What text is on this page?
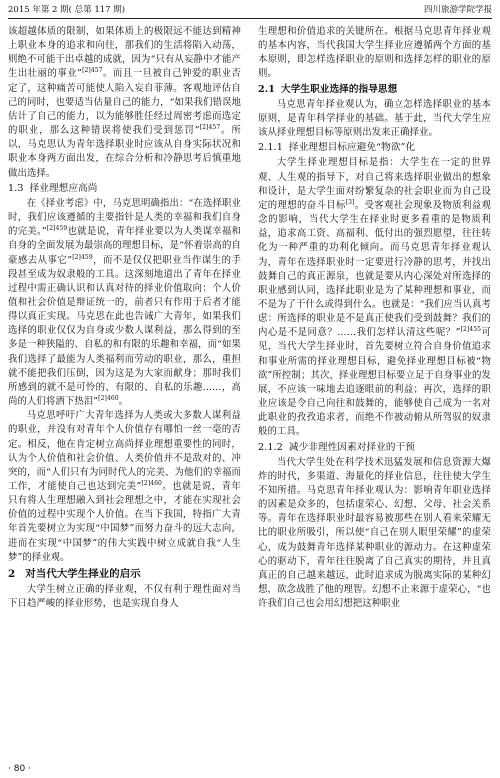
2015 年第 2 期( 总第 117 期)	四川旅游学院学报

该超越体质的限制，如果体质上的极限远不能达到精神上职业本身的追求和向往，那我们的生活将陷入动荡，则绝不可能干出卓越的成就，因为“只有从妄静中才能产生出壮丽的事业”$^{[2]457}$。而且一旦被自己钟爱的职业否定了，这种痛苦可能使人陷入妄自菲薄。客观地评估自己的同时，也要适当估量自己的能力，“如果我们错误地估计了自己的能力，以为能够胜任经过周密考虑而选定的职业，那么这种错误将使我们受到惩罚”$^{[2]457}$。所以，马克思认为青年选择职业时应该从自身实际状况和职业本身两方面出发，在综合分析和冷静思考后慎重地做出选择。

1.3 择业理想应高尚

在《择业考虑》中，马克思明确指出：“在选择职业时，我们应该遵循的主要指针是人类的幸福和我们自身的完美。”$^{[2]459}$也就是说，青年择业要以为人类谋幸福和自身的全面发展为最崇高的理想目标，是“怀着崇高的自豪感去从事它”$^{[2]459}$，而不是仅仅把职业当作谋生的手段甚至成为奴隶般的工具。这深刻地道出了青年在择业过程中需正确认识和认真对待的择业价值取向：个人价值和社会价值是辩证统一的，前者只有作用于后者才能得以真正实现。马克思在此也告诫广大青年，如果我们选择的职业仅仅为自身或少数人谋利益，那么得到的至多是一种狭隘的、自私的和有限的乐趣和幸福，而“如果我们选择了最能为人类福利而劳动的职业，那么，重担就不能把我们压倒，因为这是为大家而献身；那时我们所感到的就不是可怜的、有限的、自私的乐趣……，高尚的人们将洒下热泪”$^{[2]460}$。

马克思呼吁广大青年选择为人类或大多数人谋利益的职业，并没有对青年个人价值存有哪怕一丝一毫的否定。相反，他在肯定树立高尚择业理想重要性的同时，认为个人价值和社会价值、人类价值并不是敌对的、冲突的，而“人们只有为同时代人的完美、为他们的幸福而工作，才能使自己也达到完美”$^{[2]460}$。也就是说，青年只有将人生理想融入到社会理想之中，才能在实现社会价值的过程中实现个人价值。在当下我国，特指广大青年首先要树立为实现“中国梦”而努力奋斗的远大志向，进而在实现“中国梦”的伟大实践中树立成就自我“人生梦”的择业观。

2 对当代大学生择业的启示

大学生树立正确的择业观，不仅有利于理性面对当下日趋严峻的择业形势，也是实现自身人

生理想和价值追求的关键所在。根据马克思青年择业观的基本内容，当代我国大学生择业应遵循两个方面的基本原则，即怎样选择职业的原则和选择怎样的职业的原则。

2.1 大学生职业选择的指导思想

马克思青年择业观认为，确立怎样选择职业的基本原则，是青年科学择业的基础。基于此，当代大学生应该从择业理想目标等原则出发来正确择业。

2.1.1 择业理想目标应避免“物欲”化

大学生择业理想目标是指：大学生在一定的世界观、人生观的指导下，对自己将来选择职业做出的想象和设计，是大学生面对纷繁复杂的社会职业而为自己设定的理想的奋斗目标[3]。受客观社会现象及物质利益观念的影响，当代大学生在择业时更多看重的是物质利益，追求高工资、高福利、低付出的强烈愿望，往往转化为一种严重的功利化倾向。而马克思青年择业观认为，青年在选择职业时一定要进行冷静的思考，并找出鼓舞自己的真正源泉，也就是要从内心深处对所选择的职业感到认同，选择此职业是为了某种理想和事业，而不是为了干什么或得到什么。也就是：“我们应当认真考虑：所选择的职业是不是真正使我们受到鼓舞？我们的内心是不是同意？……我们怎样认清这些呢？”$^{[2]455}$可见，当代大学生择业时，首先要树立符合自身价值追求和事业所需的择业理想目标，避免择业理想目标被“物欲”所控制；其次，择业理想目标要立足于自身事业的发展，不应该一味地去追逐眼前的利益；再次，选择的职业应该是令自己向往和鼓舞的，能够使自己成为一名对此职业的孜孜追求者，而绝不作被动俯从所驾驭的奴隶般的工具。

2.1.2 减少非理性因素对择业的干预

当代大学生处在科学技术迅猛发展和信息资源大爆炸的时代，多渠道、海量化的择业信息，往往使大学生不知所措。马克思青年择业观认为：影响青年职业选择的因素是众多的，包括虚荣心、幻想、父母、社会关系等。青年在选择职业时最容易被那些在别人看来荣耀无比的职业所吸引，所以使“自己在别人眼里荣耀”的虚荣心，成为鼓舞青年选择某种职业的源动力。在这种虚荣心的驱动下，青年往往脱离了自己真实的期待，并且真真正的自己越来越远，此时追求成为脱离实际的某种幻想，欲念战胜了他的理智。幻想不止来源于虚荣心，“也许我们自己也会用幻想把这种职业

· 80 ·
